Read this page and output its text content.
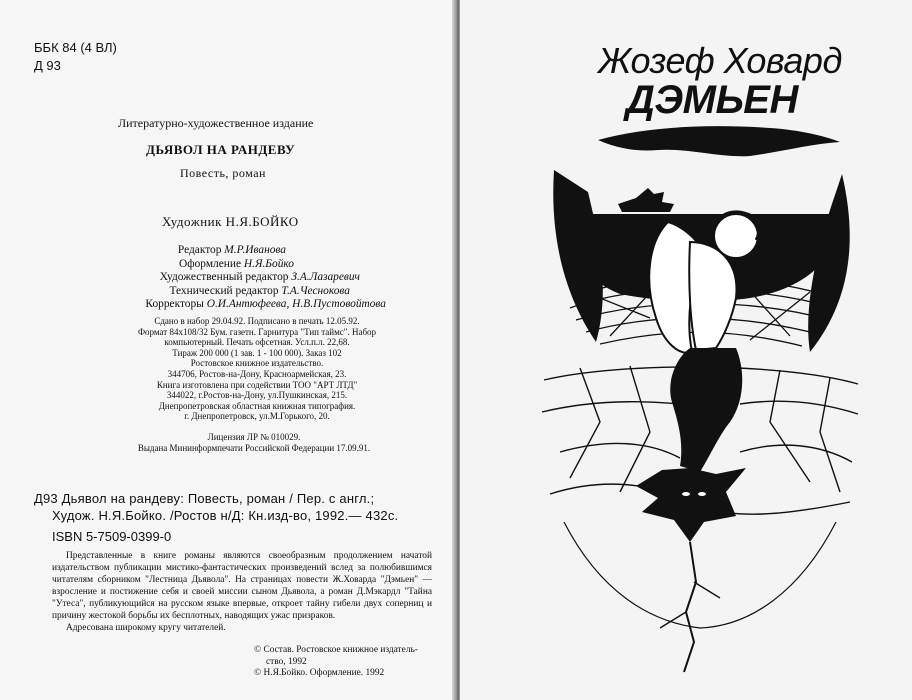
ББК 84 (4 ВЛ)
Д 93
Литературно-художественное издание
ДЬЯВОЛ НА РАНДЕВУ
Повесть, роман
Художник Н.Я.БОЙКО
Редактор М.Р.Иванова
Оформление Н.Я.Бойко
Художественный редактор З.А.Лазаревич
Технический редактор Т.А.Чеснокова
Корректоры О.И.Антюфеева, Н.В.Пустовойтова
Сдано в набор 29.04.92. Подписано в печать 12.05.92.
Формат 84х108/32 Бум. газетн. Гарнитура "Тип таймс". Набор
компьютерный. Печать офсетная. Усл.п.л. 22,68.
Тираж 200 000 (1 зав. 1 - 100 000). Заказ 102
Ростовское книжное издательство.
344706, Ростов-на-Дону, Красноармейская, 23.
Книга изготовлена при содействии ТОО "АРТ ЛТД"
344022, г.Ростов-на-Дону, ул.Пушкинская, 215.
Днепропетровская областная книжная типография.
г. Днепропетровск, ул.М.Горького, 20.
Лицензия ЛР № 010029.
Выдана Мининформпечати Российской Федерации 17.09.91.
Д93 Дьявол на рандеву: Повесть, роман / Пер. с англ.;
Худож. Н.Я.Бойко. /Ростов н/Д: Кн.изд-во, 1992.— 432с.
ISBN 5-7509-0399-0

Представленные в книге романы являются своеобразным продолжением начатой издательством публикации мистико-фантастических произведений вслед за полюбившимся читателям сборником "Лестница Дьявола". На страницах повести Ж.Ховарда "Дэмьен" — взросление и постижение себя и своей миссии сыном Дьявола, а роман Д.Мэкардл "Тайна "Утеса", публикующийся на русском языке впервые, откроет тайну гибели двух соперниц и причину жестокой борьбы их бесплотных, наводящих ужас призраков.

Адресована широкому кругу читателей.

© Состав. Ростовское книжное издатель-
ство, 1992
© Н.Я.Бойко. Оформление. 1992
Жозеф Ховард
ДЭМЬЕН
